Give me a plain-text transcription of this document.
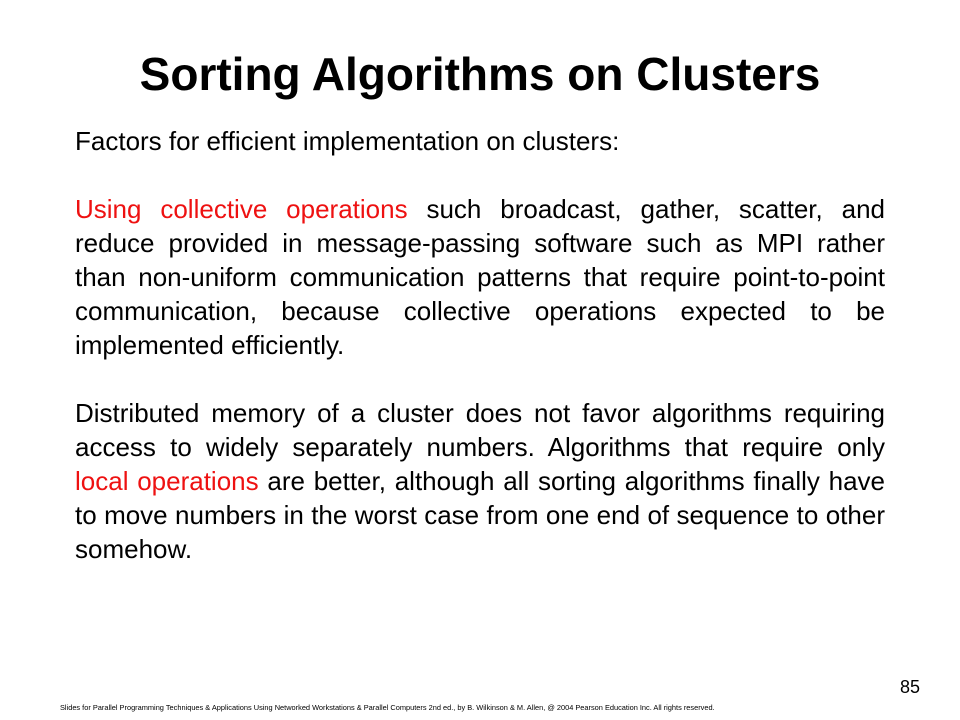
Sorting Algorithms on Clusters

Factors for efficient implementation on clusters:

Using collective operations such broadcast, gather, scatter, and reduce provided in message-passing software such as MPI rather than non-uniform communication patterns that require point-to-point communication, because collective operations expected to be implemented efficiently.

Distributed memory of a cluster does not favor algorithms requiring access to widely separately numbers. Algorithms that require only local operations are better, although all sorting algorithms finally have to move numbers in the worst case from one end of sequence to other somehow.

85
Slides for Parallel Programming Techniques & Applications Using Networked Workstations & Parallel Computers 2nd ed., by B. Wilkinson & M. Allen, @ 2004 Pearson Education Inc. All rights reserved.
